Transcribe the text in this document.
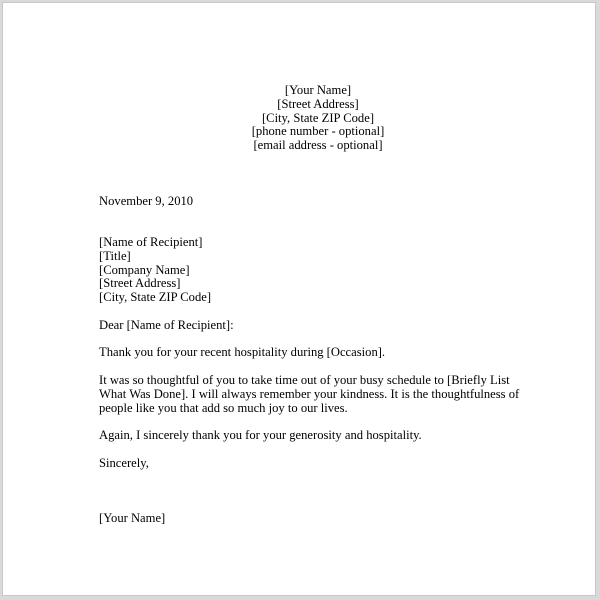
[Your Name]
[Street Address]
[City, State ZIP Code]
[phone number - optional]
[email address - optional]
November 9, 2010
[Name of Recipient]
[Title]
[Company Name]
[Street Address]
[City, State ZIP Code]
Dear [Name of Recipient]:
Thank you for your recent hospitality during [Occasion].
It was so thoughtful of you to take time out of your busy schedule to [Briefly List What Was Done]. I will always remember your kindness. It is the thoughtfulness of people like you that add so much joy to our lives.
Again, I sincerely thank you for your generosity and hospitality.
Sincerely,
[Your Name]
